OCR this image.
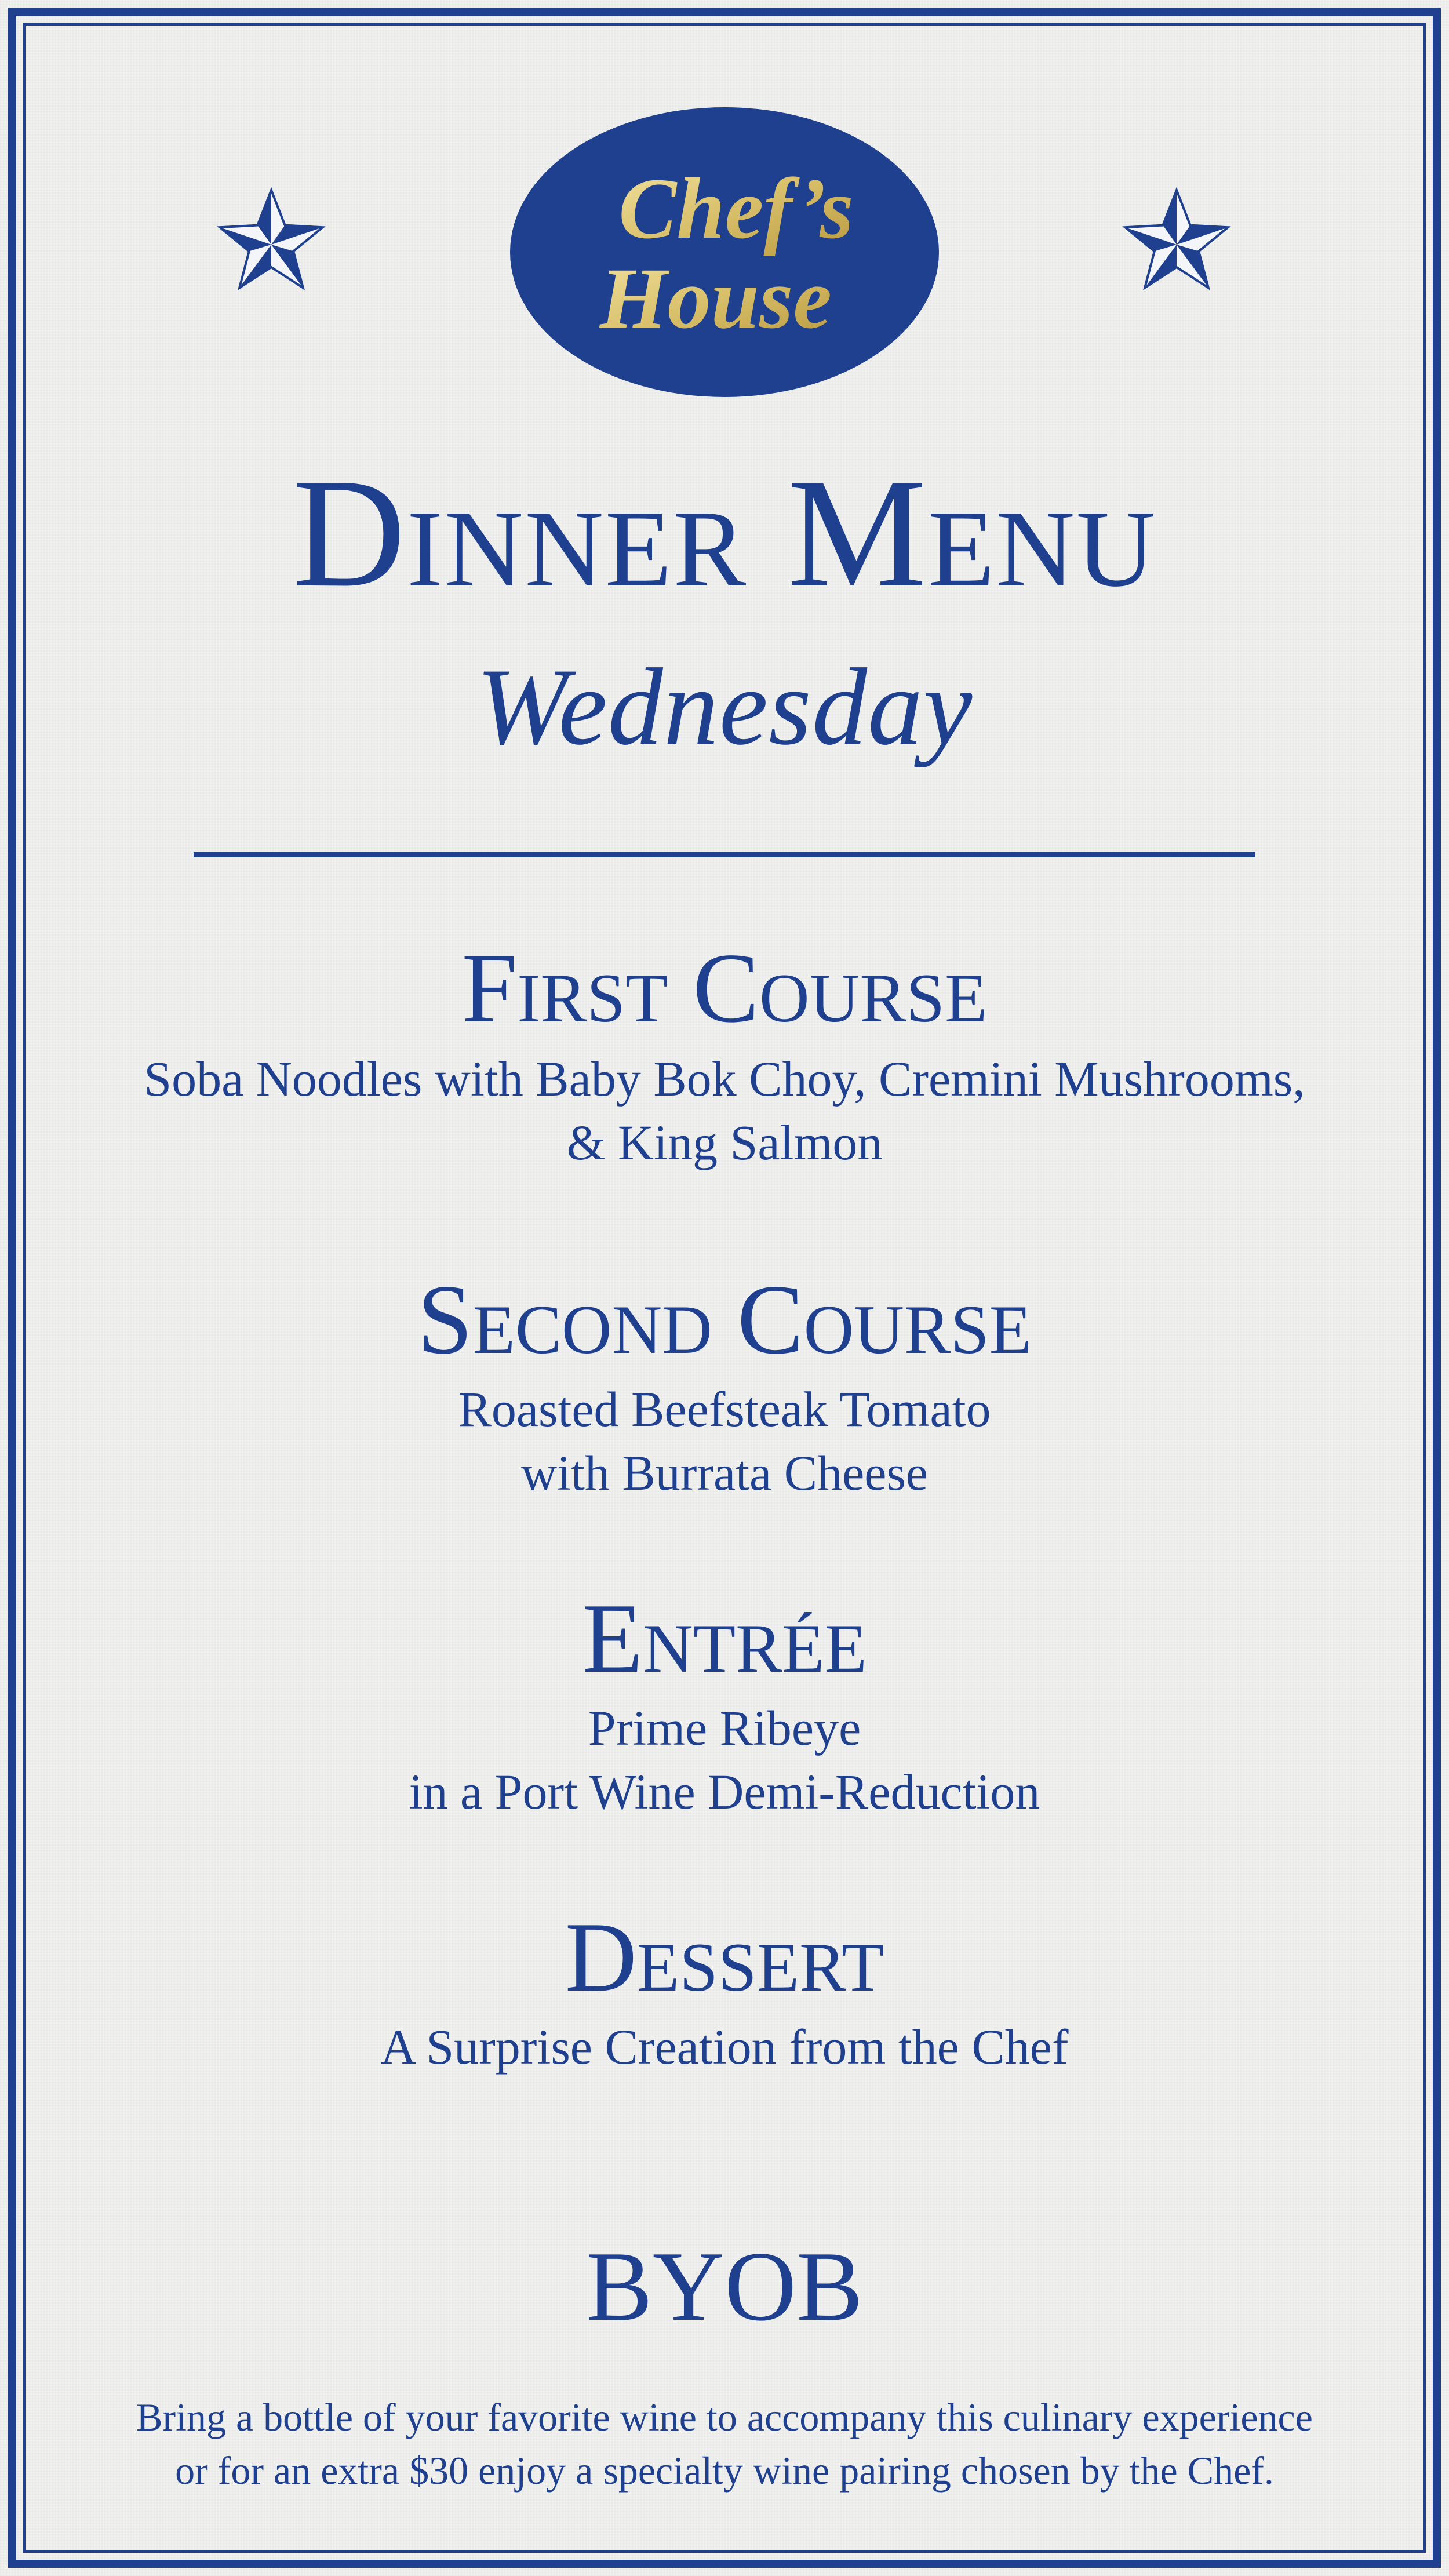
Chef’s
House
Dinner Menu
Wednesday
First Course
Soba Noodles with Baby Bok Choy, Cremini Mushrooms,
& King Salmon
Second Course
Roasted Beefsteak Tomato
with Burrata Cheese
Entrée
Prime Ribeye
in a Port Wine Demi-Reduction
Dessert
A Surprise Creation from the Chef
BYOB
Bring a bottle of your favorite wine to accompany this culinary experience
or for an extra $30 enjoy a specialty wine pairing chosen by the Chef.
